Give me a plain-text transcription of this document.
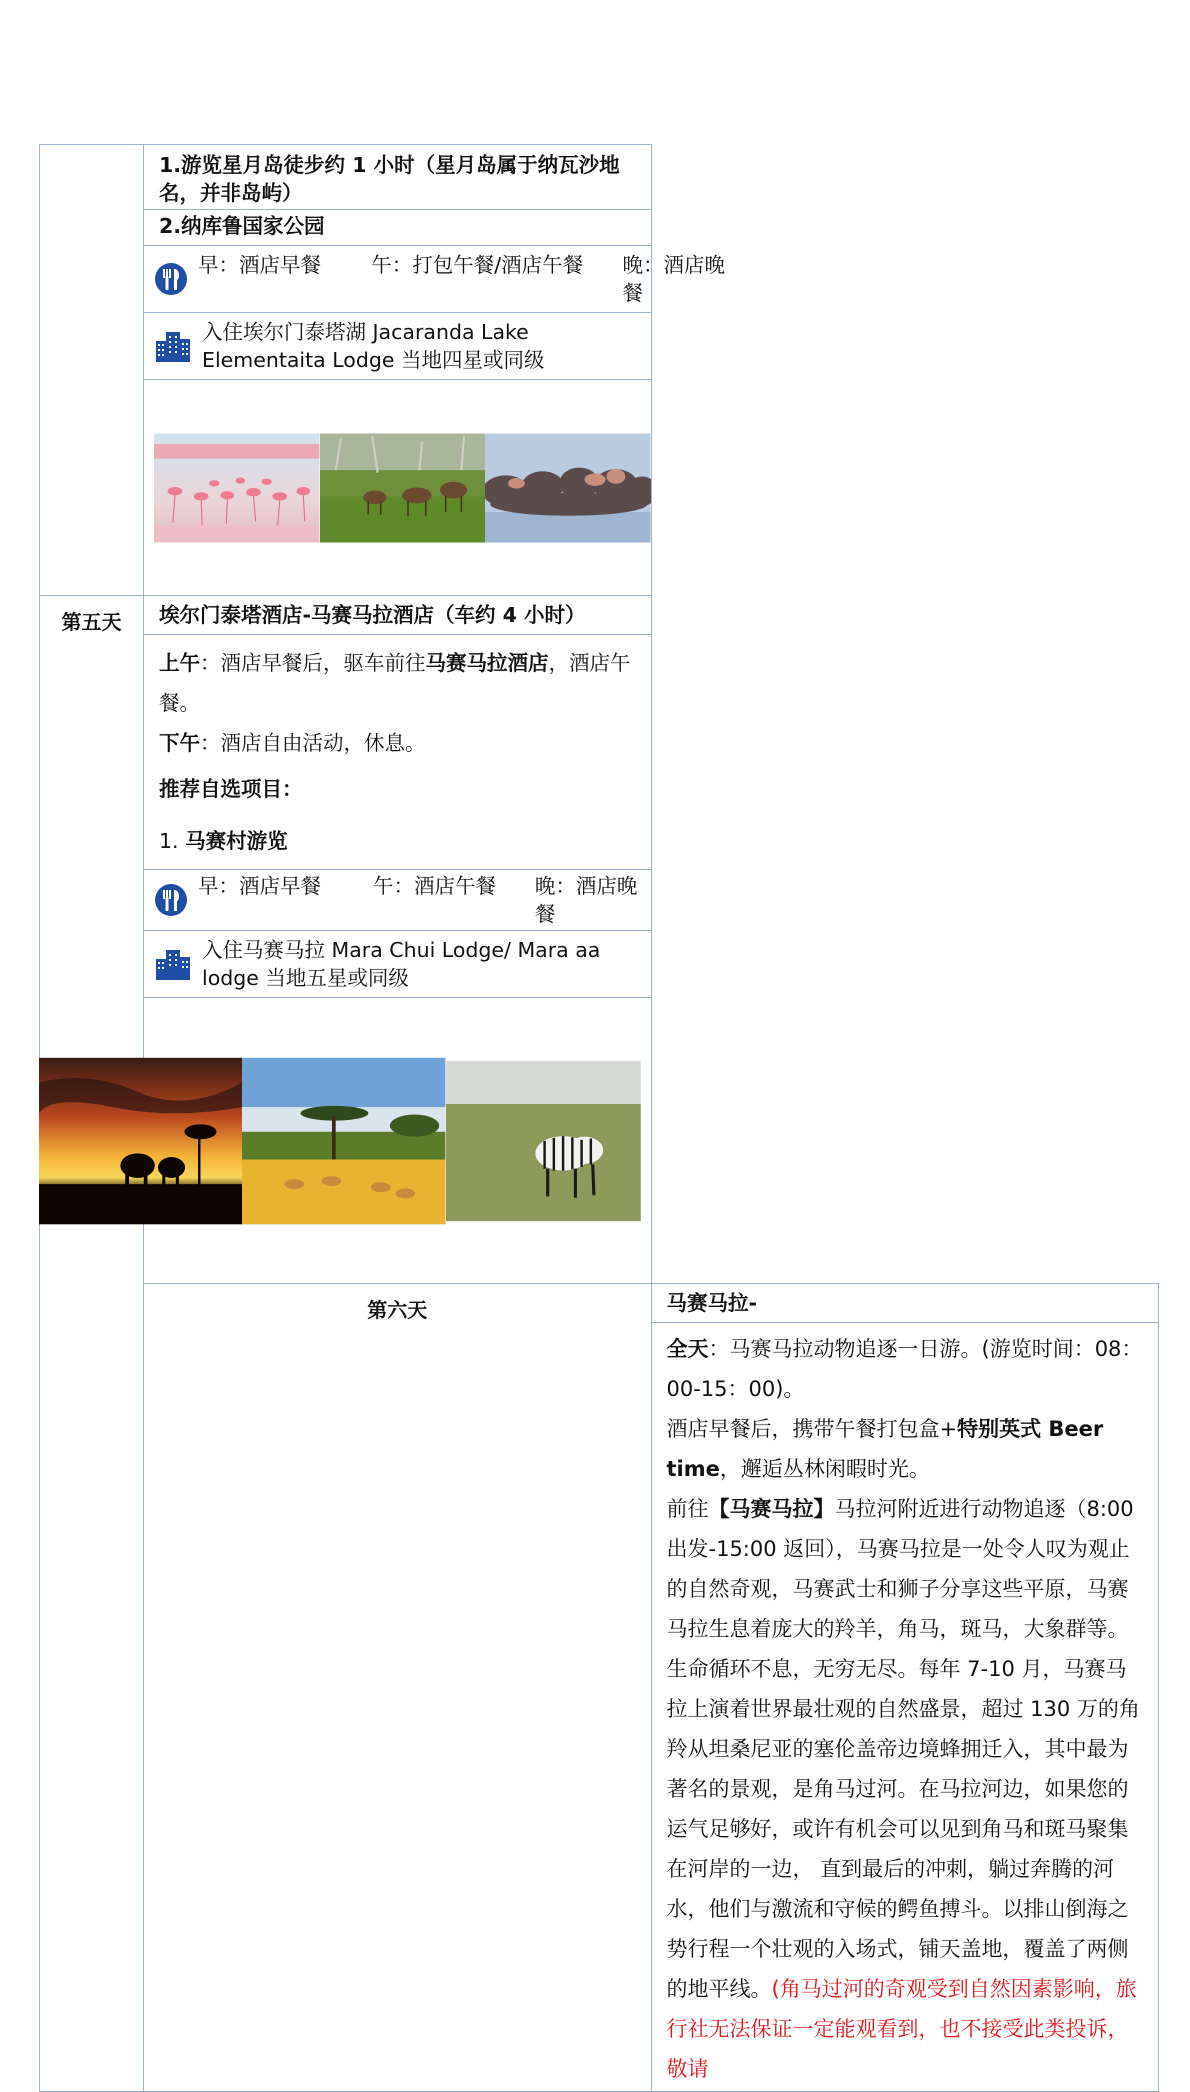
	1.游览星月岛徒步约 1 小时（星月岛属于纳瓦沙地名，并非岛屿）	
	2.纳库鲁国家公园	

	早：酒店早餐 午：打包午餐/酒店午餐 晚：酒店晚餐	

	入住埃尔门泰塔湖 Jacaranda Lake Elementaita Lodge 当地四星或同级	

第五天	埃尔门泰塔酒店-马赛马拉酒店（车约 4 小时）	

	上午：酒店早餐后，驱车前往马赛马拉酒店，酒店午餐。
下午：酒店自由活动，休息。
推荐自选项目：
1. 马赛村游览	

	早：酒店早餐 午：酒店午餐 晚：酒店晚餐	

	入住马赛马拉 Mara Chui Lodge/ Mara aa lodge 当地五星或同级	

	第六天	马赛马拉-

		全天：马赛马拉动物追逐一日游。(游览时间：08：00-15：00)。

酒店早餐后，携带午餐打包盒+特别英式 Beer time，邂逅丛林闲暇时光。

前往【马赛马拉】马拉河附近进行动物追逐（8:00 出发-15:00 返回），马赛马拉是一处令人叹为观止的自然奇观，马赛武士和狮子分享这些平原，马赛马拉生息着庞大的羚羊，角马，斑马，大象群等。生命循环不息，无穷无尽。每年 7-10 月，马赛马拉上演着世界最壮观的自然盛景，超过 130 万的角羚从坦桑尼亚的塞伦盖帝边境蜂拥迁入，其中最为著名的景观，是角马过河。在马拉河边，如果您的运气足够好，或许有机会可以见到角马和斑马聚集在河岸的一边， 直到最后的冲刺，躺过奔腾的河水，他们与激流和守候的鳄鱼搏斗。以排山倒海之势行程一个壮观的入场式，铺天盖地，覆盖了两侧的地平线。(角马过河的奇观受到自然因素影响，旅行社无法保证一定能观看到，也不接受此类投诉，敬请
